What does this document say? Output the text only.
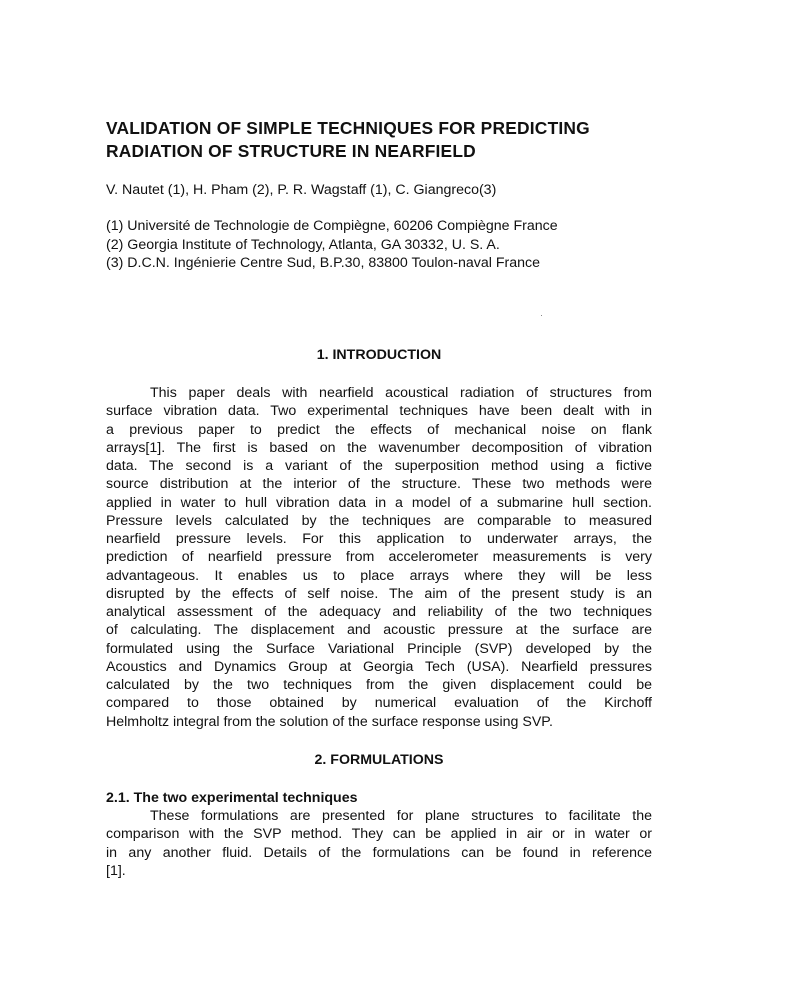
VALIDATION OF SIMPLE TECHNIQUES FOR PREDICTING
RADIATION OF STRUCTURE IN NEARFIELD

V. Nautet (1), H. Pham (2), P. R. Wagstaff (1), C. Giangreco(3)

(1) Université de Technologie de Compiègne, 60206 Compiègne France
(2) Georgia Institute of Technology, Atlanta, GA 30332, U. S. A.
(3) D.C.N. Ingénierie Centre Sud, B.P.30, 83800 Toulon-naval France
1. INTRODUCTION

This paper deals with nearfield acoustical radiation of structures from
surface vibration data. Two experimental techniques have been dealt with in
a previous paper to predict the effects of mechanical noise on flank
arrays[1]. The first is based on the wavenumber decomposition of vibration
data. The second is a variant of the superposition method using a fictive
source distribution at the interior of the structure. These two methods were
applied in water to hull vibration data in a model of a submarine hull section.
Pressure levels calculated by the techniques are comparable to measured
nearfield pressure levels. For this application to underwater arrays, the
prediction of nearfield pressure from accelerometer measurements is very
advantageous. It enables us to place arrays where they will be less
disrupted by the effects of self noise. The aim of the present study is an
analytical assessment of the adequacy and reliability of the two techniques
of calculating. The displacement and acoustic pressure at the surface are
formulated using the Surface Variational Principle (SVP) developed by the
Acoustics and Dynamics Group at Georgia Tech (USA). Nearfield pressures
calculated by the two techniques from the given displacement could be
compared to those obtained by numerical evaluation of the Kirchoff
Helmholtz integral from the solution of the surface response using SVP.

2. FORMULATIONS
2.1. The two experimental techniques

These formulations are presented for plane structures to facilitate the
comparison with the SVP method. They can be applied in air or in water or
in any another fluid. Details of the formulations can be found in reference
[1].
